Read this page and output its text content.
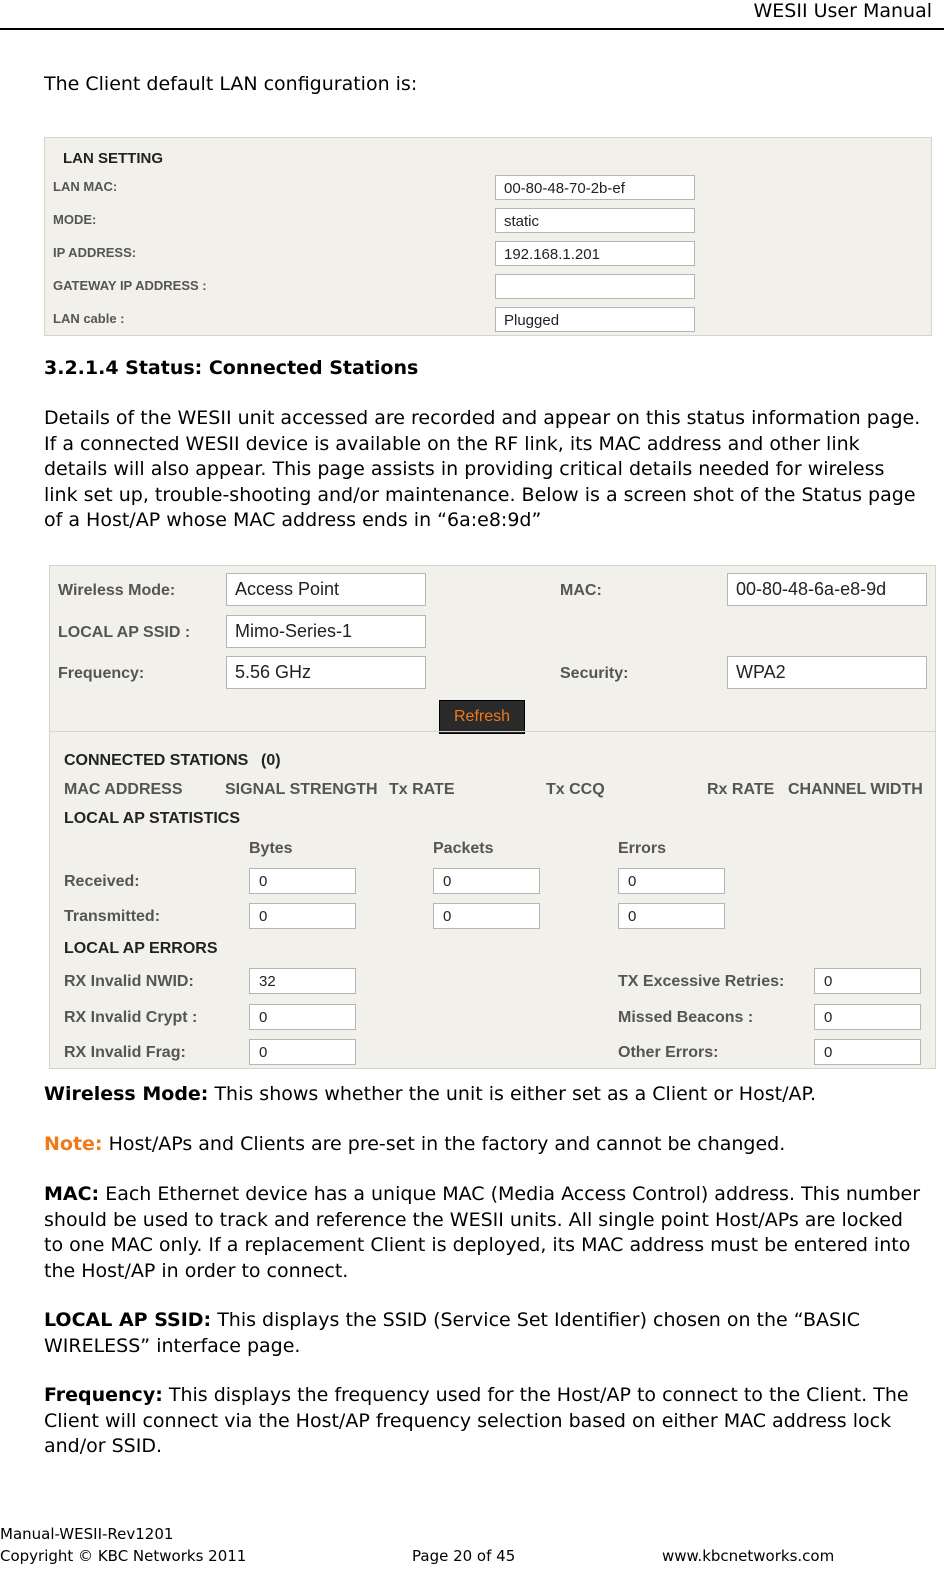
WESII User Manual

The Client default LAN configuration is:

LAN SETTING
LAN MAC:	00-80-48-70-2b-ef
MODE:	static
IP ADDRESS:	192.168.1.201
GATEWAY IP ADDRESS :
LAN cable :	Plugged

3.2.1.4 Status: Connected Stations

Details of the WESII unit accessed are recorded and appear on this status information page. If a connected WESII device is available on the RF link, its MAC address and other link details will also appear. This page assists in providing critical details needed for wireless link set up, trouble-shooting and/or maintenance. Below is a screen shot of the Status page of a Host/AP whose MAC address ends in “6a:e8:9d”

Wireless Mode:	Access Point
LOCAL AP SSID :	Mimo-Series-1
Frequency:	5.56 GHz
MAC:	00-80-48-6a-e8-9d
Security:	WPA2
Refresh
CONNECTED STATIONS (0)
MAC ADDRESS	SIGNAL STRENGTH Tx RATE	Tx CCQ	Rx RATE CHANNEL WIDTH
LOCAL AP STATISTICS
Bytes	Packets	Errors
Received:	0	0	0
Transmitted:	0	0	0
LOCAL AP ERRORS
RX Invalid NWID:	32
RX Invalid Crypt :	0
RX Invalid Frag:	0
TX Excessive Retries:	0
Missed Beacons :	0
Other Errors:	0

Wireless Mode: This shows whether the unit is either set as a Client or Host/AP.

Note: Host/APs and Clients are pre-set in the factory and cannot be changed.

MAC: Each Ethernet device has a unique MAC (Media Access Control) address. This number should be used to track and reference the WESII units. All single point Host/APs are locked to one MAC only. If a replacement Client is deployed, its MAC address must be entered into the Host/AP in order to connect.

LOCAL AP SSID: This displays the SSID (Service Set Identifier) chosen on the “BASIC WIRELESS” interface page.

Frequency: This displays the frequency used for the Host/AP to connect to the Client. The Client will connect via the Host/AP frequency selection based on either MAC address lock and/or SSID.

Manual-WESII-Rev1201
Copyright © KBC Networks 2011	Page 20 of 45	www.kbcnetworks.com
